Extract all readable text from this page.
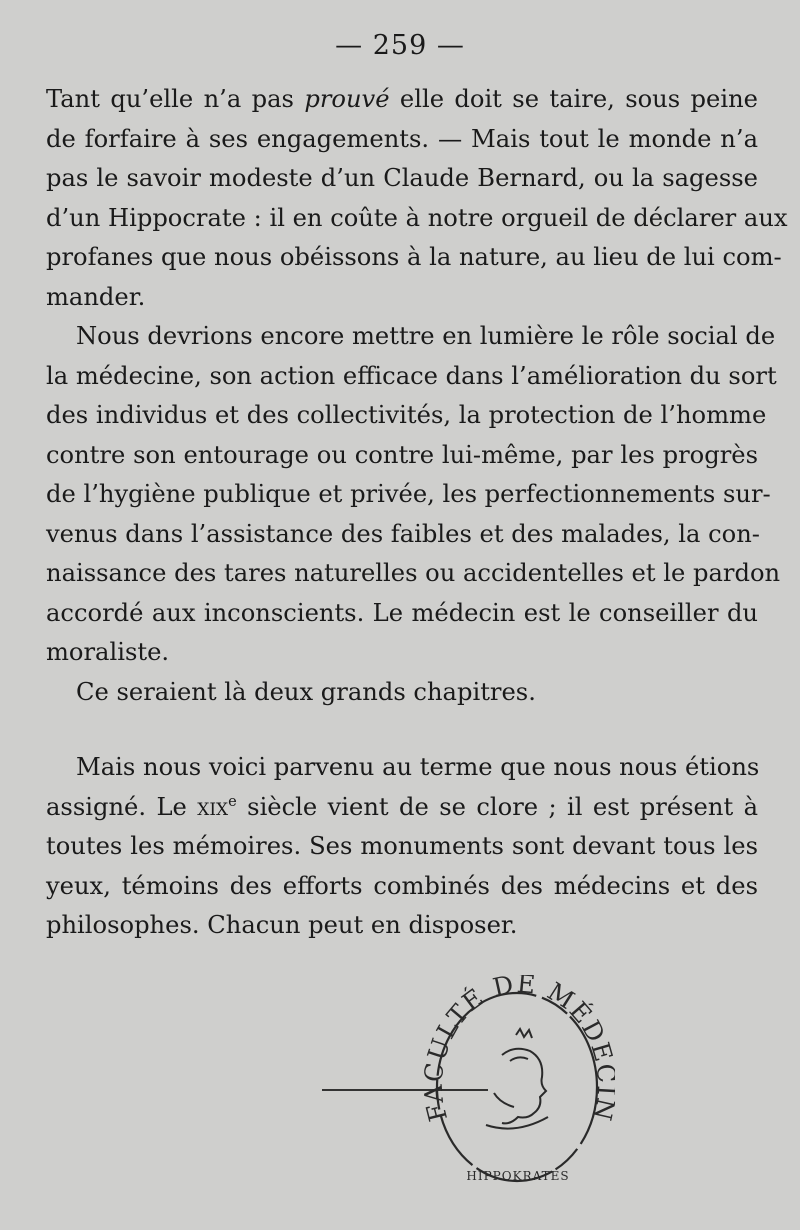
— 259 —
Tant qu’elle n’a pas prouvé elle doit se taire, sous peine
de forfaire à ses engagements. — Mais tout le monde n’a
pas le savoir modeste d’un Claude Bernard, ou la sagesse
d’un Hippocrate : il en coûte à notre orgueil de déclarer aux
profanes que nous obéissons à la nature, au lieu de lui com-
mander.
Nous devrions encore mettre en lumière le rôle social de
la médecine, son action efficace dans l’amélioration du sort
des individus et des collectivités, la protection de l’homme
contre son entourage ou contre lui-même, par les progrès
de l’hygiène publique et privée, les perfectionnements sur-
venus dans l’assistance des faibles et des malades, la con-
naissance des tares naturelles ou accidentelles et le pardon
accordé aux inconscients. Le médecin est le conseiller du
moraliste.
Ce seraient là deux grands chapitres.
Mais nous voici parvenu au terme que nous nous étions
assigné. Le xix$^e$ siècle vient de se clore ; il est présent à
toutes les mémoires. Ses monuments sont devant tous les
yeux, témoins des efforts combinés des médecins et des
philosophes. Chacun peut en disposer.
FACULTÉ DE MÉD
HIPPOKRATES
